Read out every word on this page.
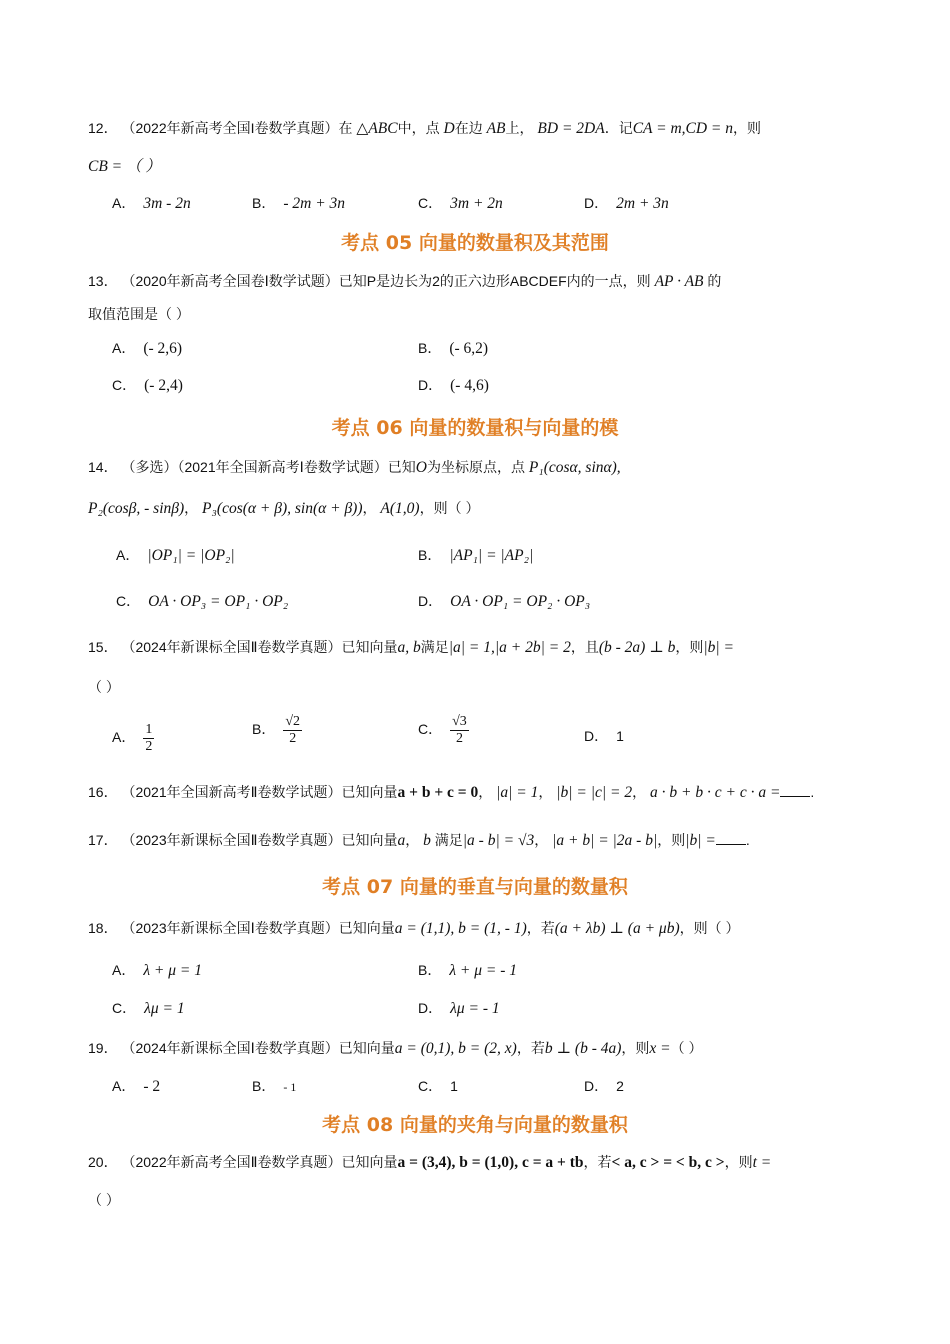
12． （2022年新高考全国I卷数学真题）在 △ABC中，点 D在边 AB上， BD = 2DA．记CA = m,CD = n，则
CB = （ ）
A． 3m - 2n	B． - 2m + 3n	C． 3m + 2n	D． 2m + 3n
考点 05 向量的数量积及其范围
13． （2020年新高考全国卷Ⅰ数学试题）已知P是边长为2的正六边形ABCDEF内的一点，则 AP · AB 的
取值范围是（ ）
A． (- 2,6)	B． (- 6,2)
C． (- 2,4)	D． (- 4,6)
考点 06 向量的数量积与向量的模
14． （多选）（2021年全国新高考Ⅰ卷数学试题）已知O为坐标原点，点 P₁(cosα, sinα),
P₂(cosβ, - sinβ)， P₃(cos(α + β), sin(α + β))， A(1,0)，则（ ）
A． |OP₁| = |OP₂|	B． |AP₁| = |AP₂|
C． OA · OP₃ = OP₁ · OP₂	D． OA · OP₁ = OP₂ · OP₃
15． （2024年新课标全国Ⅱ卷数学真题）已知向量a, b满足|a| = 1,|a + 2b| = 2，且(b - 2a) ⊥ b，则|b| =
（ ）
A． $\frac{1}{2}$	B． $\frac{√2}{2}$	C． $\frac{√3}{2}$	D． 1
16． （2021年全国新高考Ⅱ卷数学试题）已知向量a + b + c = 0， |a| = 1， |b| = |c| = 2， a · b + b · c + c · a = .
17． （2023年新课标全国Ⅱ卷数学真题）已知向量a， b 满足|a - b| = √3， |a + b| = |2a - b|，则|b| = .
考点 07 向量的垂直与向量的数量积
18． （2023年新课标全国Ⅰ卷数学真题）已知向量a = (1,1), b = (1, - 1)，若(a + λb) ⊥ (a + μb)，则（ ）
A． λ + μ = 1	B． λ + μ = - 1
C． λμ = 1	D． λμ = - 1
19． （2024年新课标全国Ⅰ卷数学真题）已知向量a = (0,1), b = (2, x)，若b ⊥ (b - 4a)，则x =（ ）
A． - 2	B． - 1	C． 1	D． 2
考点 08 向量的夹角与向量的数量积
20． （2022年新高考全国Ⅱ卷数学真题）已知向量a = (3,4), b = (1,0), c = a + tb，若< a, c > = < b, c >，则t =
（ ）
